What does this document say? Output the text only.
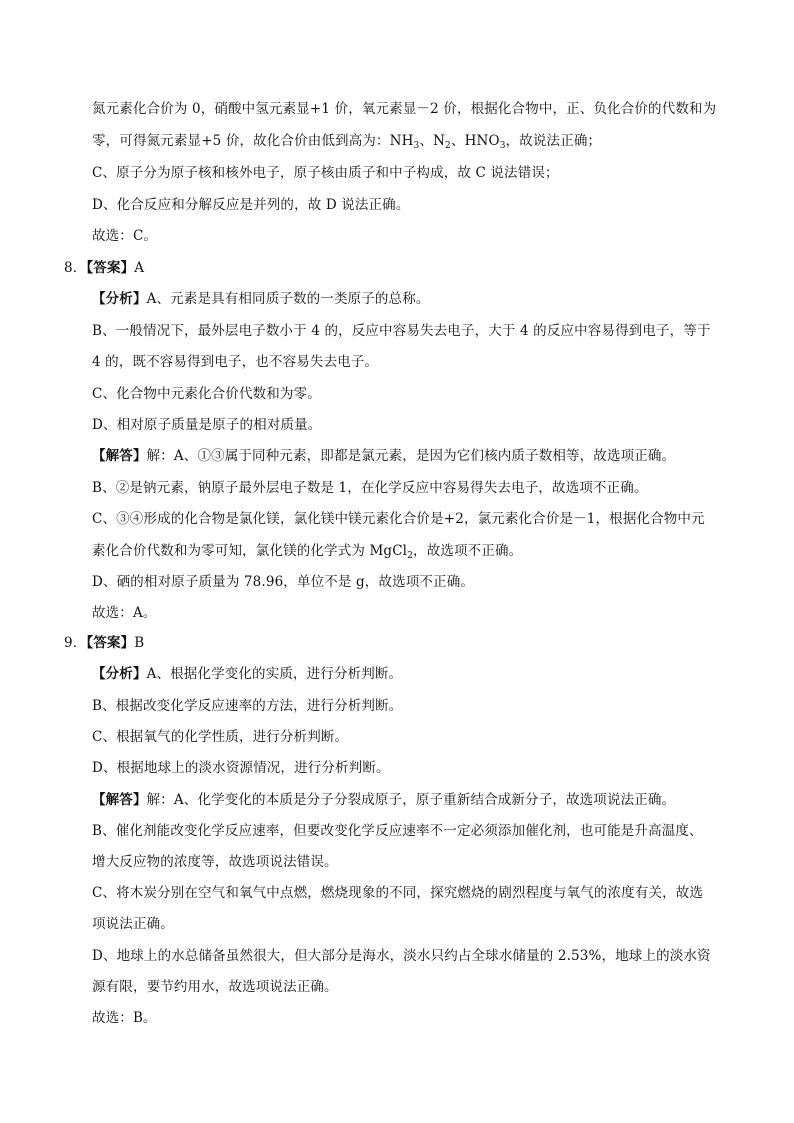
氮元素化合价为 0，硝酸中氢元素显+1 价，氧元素显－2 价，根据化合物中，正、负化合价的代数和为
零，可得氮元素显+5 价，故化合价由低到高为：$NH_3$、$N_2$、$HNO_3$，故说法正确；
C、原子分为原子核和核外电子，原子核由质子和中子构成，故 C 说法错误；
D、化合反应和分解反应是并列的，故 D 说法正确。
故选：C。
8．【答案】A
【分析】A、元素是具有相同质子数的一类原子的总称。
B、一般情况下，最外层电子数小于 4 的，反应中容易失去电子，大于 4 的反应中容易得到电子，等于
4 的，既不容易得到电子，也不容易失去电子。
C、化合物中元素化合价代数和为零。
D、相对原子质量是原子的相对质量。
【解答】解：A、①③属于同种元素，即都是氯元素，是因为它们核内质子数相等，故选项正确。
B、②是钠元素，钠原子最外层电子数是 1，在化学反应中容易得失去电子，故选项不正确。
C、③④形成的化合物是氯化镁，氯化镁中镁元素化合价是+2，氯元素化合价是－1，根据化合物中元
素化合价代数和为零可知，氯化镁的化学式为 MgCl$_2$，故选项不正确。
D、硒的相对原子质量为 78.96，单位不是 g，故选项不正确。
故选：A。
9．【答案】B
【分析】A、根据化学变化的实质，进行分析判断。
B、根据改变化学反应速率的方法，进行分析判断。
C、根据氧气的化学性质，进行分析判断。
D、根据地球上的淡水资源情况，进行分析判断。
【解答】解：A、化学变化的本质是分子分裂成原子，原子重新结合成新分子，故选项说法正确。
B、催化剂能改变化学反应速率，但要改变化学反应速率不一定必须添加催化剂，也可能是升高温度、
增大反应物的浓度等，故选项说法错误。
C、将木炭分别在空气和氧气中点燃，燃烧现象的不同，探究燃烧的剧烈程度与氧气的浓度有关，故选
项说法正确。
D、地球上的水总储备虽然很大，但大部分是海水，淡水只约占全球水储量的 2.53%，地球上的淡水资
源有限，要节约用水，故选项说法正确。
故选：B。
